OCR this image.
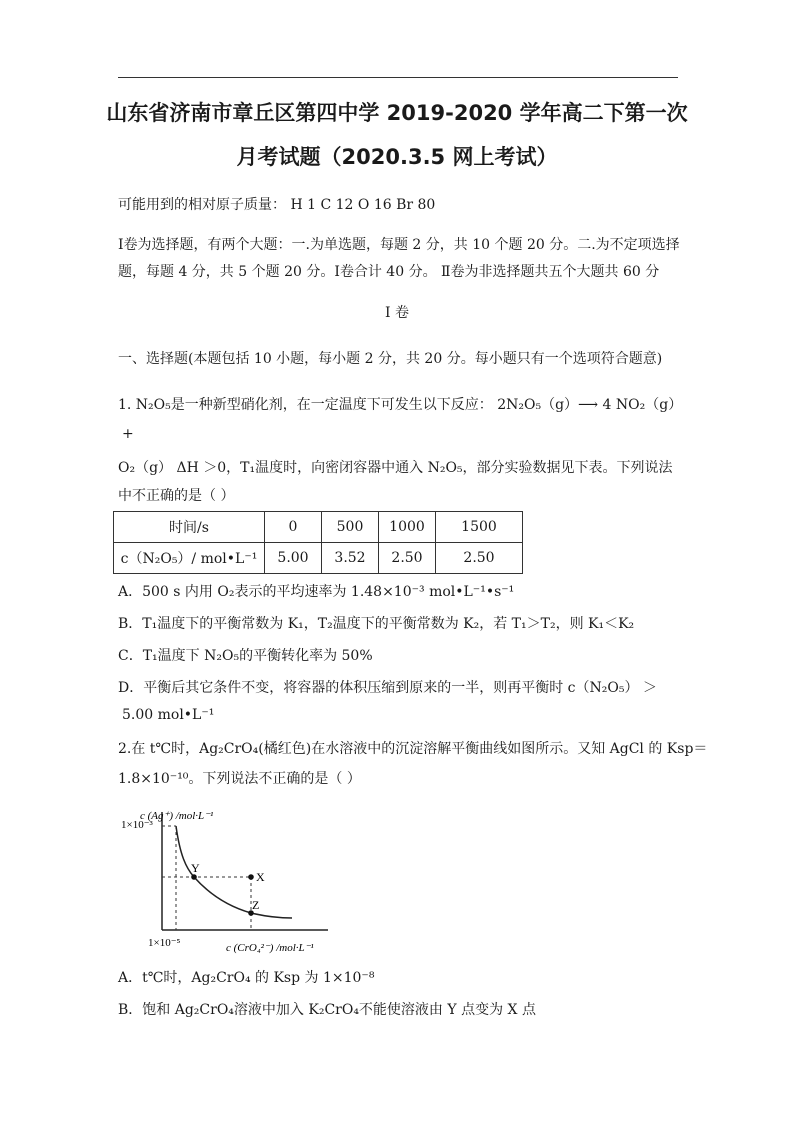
山东省济南市章丘区第四中学 2019-2020 学年高二下第一次
月考试题（2020.3.5 网上考试）
可能用到的相对原子质量： H 1 C 12 O 16 Br 80
Ⅰ卷为选择题，有两个大题：一.为单选题，每题 2 分，共 10 个题 20 分。二.为不定项选择
题，每题 4 分，共 5 个题 20 分。Ⅰ卷合计 40 分。 Ⅱ卷为非选择题共五个大题共 60 分
Ⅰ 卷
一、选择题(本题包括 10 小题，每小题 2 分，共 20 分。每小题只有一个选项符合题意)
1. N₂O₅是一种新型硝化剂，在一定温度下可发生以下反应： 2N₂O₅（g）⟶ 4 NO₂（g）
+
O₂（g） ΔH ＞0，T₁温度时，向密闭容器中通入 N₂O₅，部分实验数据见下表。下列说法
中不正确的是（ ）
时间/s	0	500	1000	1500
c（N₂O₅）/ mol•L⁻¹	5.00	3.52	2.50	2.50
A．500 s 内用 O₂表示的平均速率为 1.48×10⁻³ mol•L⁻¹•s⁻¹
B．T₁温度下的平衡常数为 K₁，T₂温度下的平衡常数为 K₂，若 T₁＞T₂，则 K₁＜K₂
C．T₁温度下 N₂O₅的平衡转化率为 50%
D．平衡后其它条件不变，将容器的体积压缩到原来的一半，则再平衡时 c（N₂O₅） ＞
5.00 mol•L⁻¹
2.在 t℃时，Ag₂CrO₄(橘红色)在水溶液中的沉淀溶解平衡曲线如图所示。又知 AgCl 的 Ksp＝
1.8×10⁻¹⁰。下列说法不正确的是（ ）
Y
X
Z
1×10⁻³
1×10⁻⁵
c (Ag⁺) /mol·L⁻¹
c (CrO₄²⁻) /mol·L⁻¹
A．t℃时，Ag₂CrO₄ 的 Ksp 为 1×10⁻⁸
B．饱和 Ag₂CrO₄溶液中加入 K₂CrO₄不能使溶液由 Y 点变为 X 点
